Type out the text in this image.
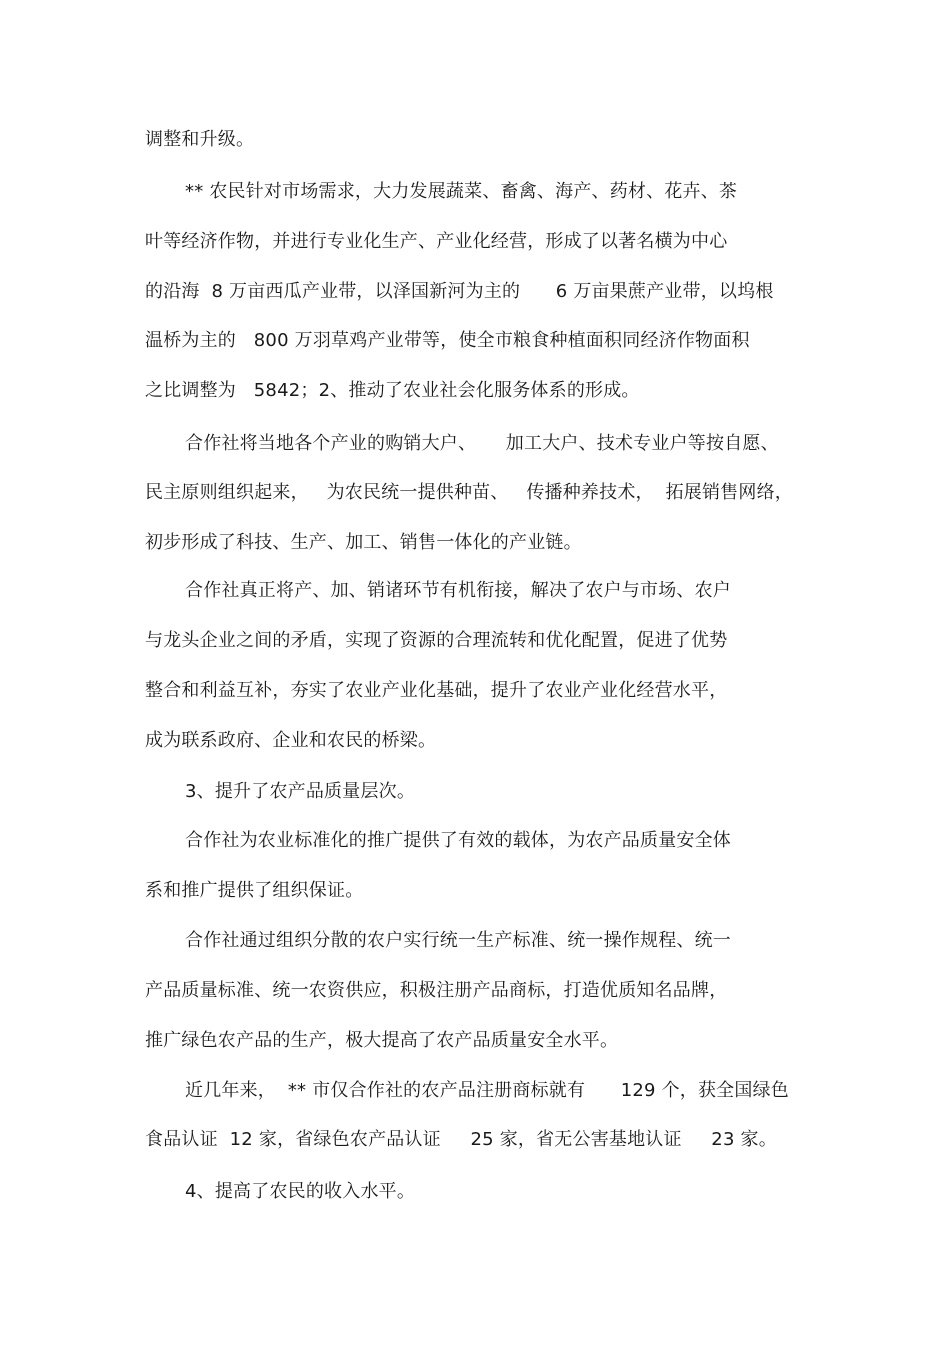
调整和升级。
** 农民针对市场需求，大力发展蔬菜、畜禽、海产、药材、花卉、茶
叶等经济作物，并进行专业化生产、产业化经营，形成了以著名横为中心
的沿海  8 万亩西瓜产业带，以泽国新河为主的      6 万亩果蔗产业带，以坞根
温桥为主的   800 万羽草鸡产业带等，使全市粮食种植面积同经济作物面积
之比调整为   5842；2、推动了农业社会化服务体系的形成。
合作社将当地各个产业的购销大户、     加工大户、技术专业户等按自愿、
民主原则组织起来，   为农民统一提供种苗、   传播种养技术，  拓展销售网络，
初步形成了科技、生产、加工、销售一体化的产业链。
合作社真正将产、加、销诸环节有机衔接，解决了农户与市场、农户
与龙头企业之间的矛盾，实现了资源的合理流转和优化配置，促进了优势
整合和利益互补，夯实了农业产业化基础，提升了农业产业化经营水平，
成为联系政府、企业和农民的桥梁。
3、提升了农产品质量层次。
合作社为农业标准化的推广提供了有效的载体，为农产品质量安全体
系和推广提供了组织保证。
合作社通过组织分散的农户实行统一生产标准、统一操作规程、统一
产品质量标准、统一农资供应，积极注册产品商标，打造优质知名品牌，
推广绿色农产品的生产，极大提高了农产品质量安全水平。
近几年来，  ** 市仅合作社的农产品注册商标就有      129 个，获全国绿色
食品认证  12 家，省绿色农产品认证     25 家，省无公害基地认证     23 家。
4、提高了农民的收入水平。
